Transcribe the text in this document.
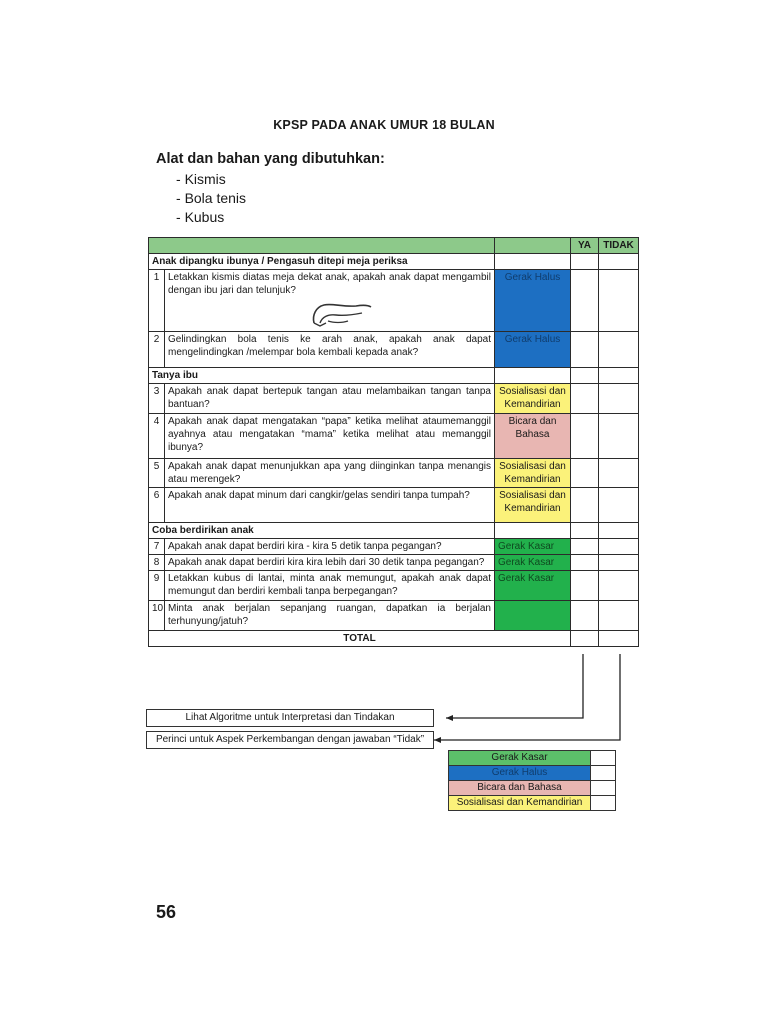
KPSP PADA ANAK UMUR 18 BULAN
Alat dan bahan yang dibutuhkan:
- Kismis
- Bola tenis
- Kubus
			YA	TIDAK
Anak dipangku ibunya / Pengasuh ditepi meja periksa				
1	Letakkan kismis diatas meja dekat anak, apakah anak dapat mengambil dengan ibu jari dan telunjuk?	Gerak Halus		
2	Gelindingkan bola tenis ke arah anak, apakah anak dapat mengelindingkan /melempar bola kembali kepada anak?	Gerak Halus		
Tanya ibu				
3	Apakah anak dapat bertepuk tangan atau melambaikan tangan tanpa bantuan?	Sosialisasi dan Kemandirian		
4	Apakah anak dapat mengatakan “papa” ketika melihat ataumemanggil ayahnya atau mengatakan “mama” ketika melihat atau memanggil ibunya?	Bicara dan Bahasa		
5	Apakah anak dapat menunjukkan apa yang diinginkan tanpa menangis atau merengek?	Sosialisasi dan Kemandirian		
6	Apakah anak dapat minum dari cangkir/gelas sendiri tanpa tumpah?	Sosialisasi dan Kemandirian		
Coba berdirikan anak				
7	Apakah anak dapat berdiri kira - kira 5 detik tanpa pegangan?	Gerak Kasar		
8	Apakah anak dapat berdiri kira kira lebih dari 30 detik tanpa pegangan?	Gerak Kasar		
9	Letakkan kubus di lantai, minta anak memungut, apakah anak dapat memungut dan berdiri kembali tanpa berpegangan?	Gerak Kasar		
10	Minta anak berjalan sepanjang ruangan, dapatkan ia berjalan terhunyung/jatuh?			
TOTAL				
Lihat Algoritme untuk Interpretasi dan Tindakan
Perinci untuk Aspek Perkembangan dengan jawaban “Tidak”
Gerak Kasar	
Gerak Halus	
Bicara dan Bahasa	
Sosialisasi dan Kemandirian	
56
